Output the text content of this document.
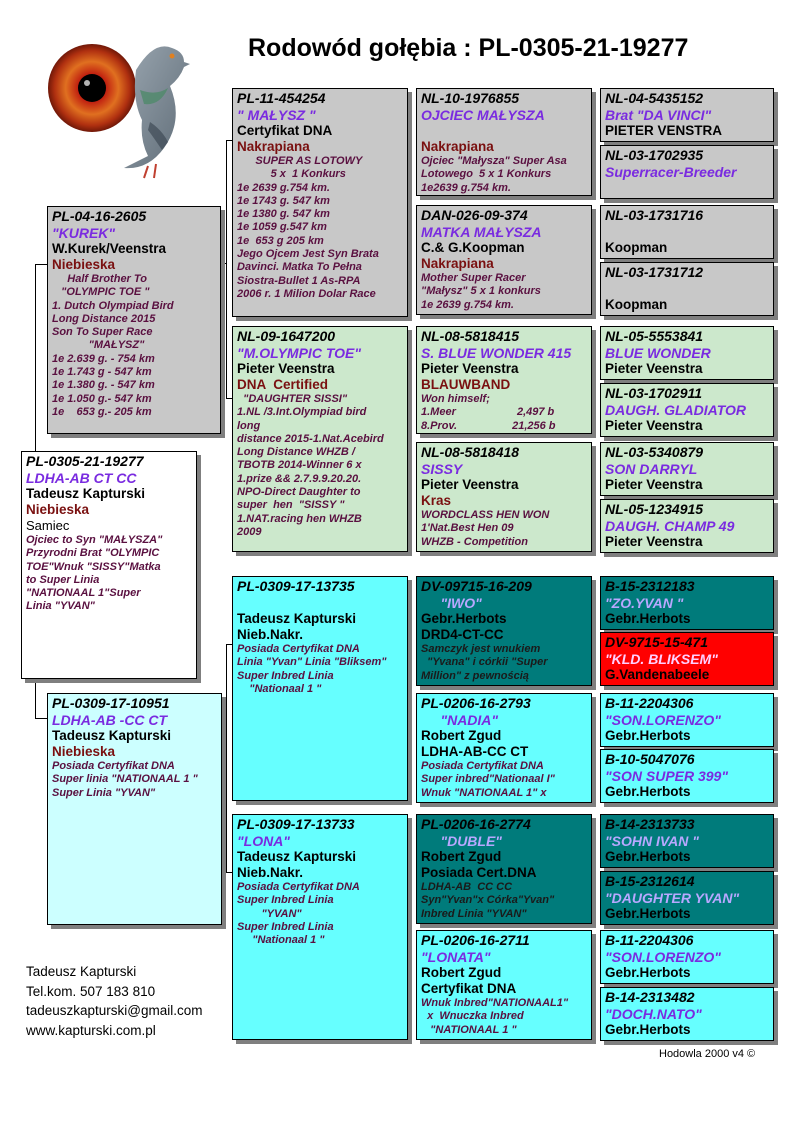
Rodowód gołębia : PL-0305-21-19277
PL-0305-21-19277
LDHA-AB CT CC
Tadeusz Kapturski
Niebieska
Samiec
Ojciec to Syn "MAŁYSZA"
Przyrodni Brat "OLYMPIC
TOE"Wnuk "SISSY"Matka
to Super Linia
"NATIONAAL 1"Super
Linia "YVAN"
PL-04-16-2605
"KUREK"
W.Kurek/Veenstra
Niebieska
Half Brother To
"OLYMPIC TOE "
1. Dutch Olympiad Bird
Long Distance 2015
Son To Super Race
"MAŁYSZ"
1e 2.639 g. - 754 km
1e 1.743 g - 547 km
1e 1.380 g. - 547 km
1e 1.050 g.- 547 km
1e    653 g.- 205 km
PL-0309-17-10951
LDHA-AB -CC CT
Tadeusz Kapturski
Niebieska
Posiada Certyfikat DNA
Super linia "NATIONAAL 1 "
Super Linia "YVAN"
PL-11-454254
" MAŁYSZ "
Certyfikat DNA
Nakrapiana
SUPER AS LOTOWY
5 x  1 Konkurs
1e 2639 g.754 km.
1e 1743 g. 547 km
1e 1380 g. 547 km
1e 1059 g.547 km
1e  653 g 205 km
Jego Ojcem Jest Syn Brata
Davinci. Matka To Pełna
Siostra-Bullet 1 As-RPA
2006 r. 1 Milion Dolar Race
NL-09-1647200
"M.OLYMPIC TOE"
Pieter Veenstra
DNA  Certified
"DAUGHTER SISSI"
1.NL /3.Int.Olympiad bird
long
distance 2015-1.Nat.Acebird
Long Distance WHZB /
TBOTB 2014-Winner 6 x
1.prize && 2.7.9.9.20.20.
NPO-Direct Daughter to
super  hen  "SISSY "
1.NAT.racing hen WHZB
2009
PL-0309-17-13735
Tadeusz Kapturski
Nieb.Nakr.
Posiada Certyfikat DNA
Linia "Yvan" Linia "Bliksem"
Super Inbred Linia
"Nationaal 1 "
PL-0309-17-13733
"LONA"
Tadeusz Kapturski
Nieb.Nakr.
Posiada Certyfikat DNA
Super Inbred Linia
"YVAN"
Super Inbred Linia
"Nationaal 1 "
NL-10-1976855
OJCIEC MAŁYSZA
Nakrapiana
Ojciec "Małysza" Super Asa
Lotowego  5 x 1 Konkurs
1e2639 g.754 km.
DAN-026-09-374
MATKA MAŁYSZA
C.& G.Koopman
Nakrapiana
Mother Super Racer
"Małysz" 5 x 1 konkurs
1e 2639 g.754 km.
NL-08-5818415
S. BLUE WONDER 415
Pieter Veenstra
BLAUWBAND
Won himself;
1.Meer                    2,497 b
8.Prov.                  21,256 b
NL-08-5818418
SISSY
Pieter Veenstra
Kras
WORDCLASS HEN WON
1'Nat.Best Hen 09
WHZB - Competition
DV-09715-16-209
"IWO"
Gebr.Herbots
DRD4-CT-CC
Samczyk jest wnukiem
"Yvana" i córkii "Super
Million" z pewnością
PL-0206-16-2793
"NADIA"
Robert Zgud
LDHA-AB-CC CT
Posiada Certyfikat DNA
Super inbred"Nationaal I"
Wnuk "NATIONAAL 1" x
PL-0206-16-2774
"DUBLE"
Robert Zgud
Posiada Cert.DNA
LDHA-AB  CC CC
Syn"Yvan"x Córka"Yvan"
Inbred Linia "YVAN"
PL-0206-16-2711
"LONATA"
Robert Zgud
Certyfikat DNA
Wnuk Inbred"NATIONAAL1"
x  Wnuczka Inbred
"NATIONAAL 1 "
NL-04-5435152
Brat "DA VINCI"
PIETER VENSTRA
NL-03-1702935
Superracer-Breeder
NL-03-1731716
Koopman
NL-03-1731712
Koopman
NL-05-5553841
BLUE WONDER
Pieter Veenstra
NL-03-1702911
DAUGH. GLADIATOR
Pieter Veenstra
NL-03-5340879
SON DARRYL
Pieter Veenstra
NL-05-1234915
DAUGH. CHAMP 49
Pieter Veenstra
B-15-2312183
"ZO.YVAN "
Gebr.Herbots
DV-9715-15-471
"KLD. BLIKSEM"
G.Vandenabeele
B-11-2204306
"SON.LORENZO"
Gebr.Herbots
B-10-5047076
"SON SUPER 399"
Gebr.Herbots
B-14-2313733
"SOHN IVAN "
Gebr.Herbots
B-15-2312614
"DAUGHTER YVAN"
Gebr.Herbots
B-11-2204306
"SON.LORENZO"
Gebr.Herbots
B-14-2313482
"DOCH.NATO"
Gebr.Herbots
Tadeusz Kapturski
Tel.kom. 507 183 810
tadeuszkapturski@gmail.com
www.kapturski.com.pl
Hodowla 2000 v4 ©
